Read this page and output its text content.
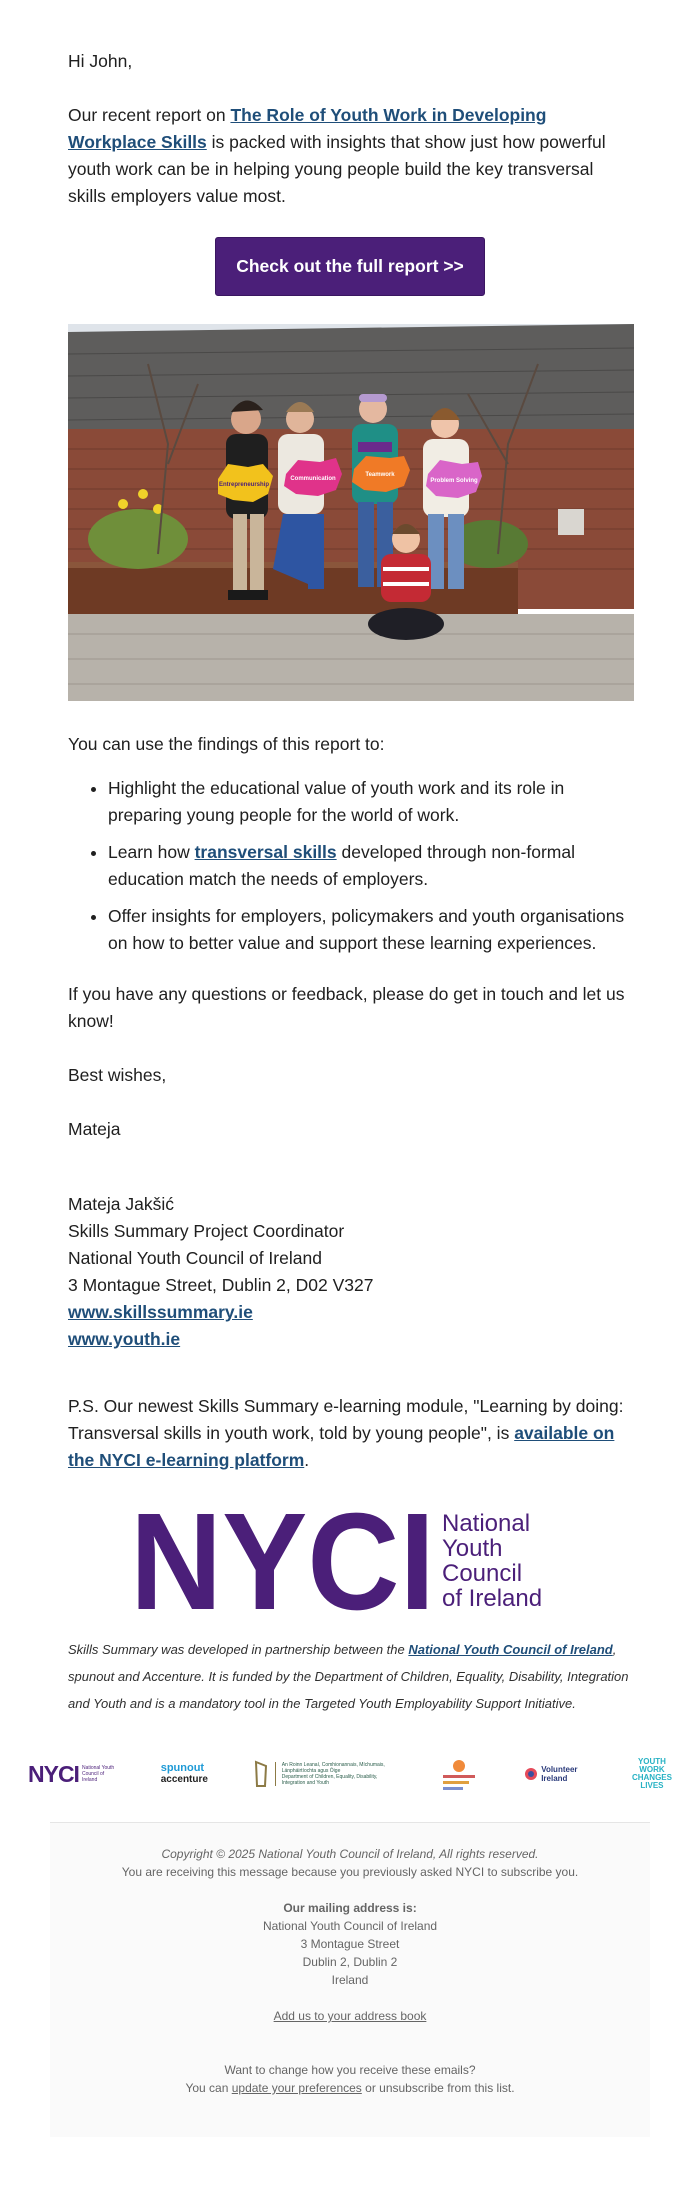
Hi John,

Our recent report on The Role of Youth Work in Developing Workplace Skills is packed with insights that show just how powerful youth work can be in helping young people build the key transversal skills employers value most.

Check out the full report >>
Entrepreneurship
Communication
Teamwork
Problem Solving

You can use the findings of this report to:

• Highlight the educational value of youth work and its role in preparing young people for the world of work.
• Learn how transversal skills developed through non-formal education match the needs of employers.
• Offer insights for employers, policymakers and youth organisations on how to better value and support these learning experiences.

If you have any questions or feedback, please do get in touch and let us know!

Best wishes,

Mateja

Mateja Jakšić

Skills Summary Project Coordinator

National Youth Council of Ireland

3 Montague Street, Dublin 2, D02 V327

www.skillssummary.ie

www.youth.ie

P.S. Our newest Skills Summary e-learning module, "Learning by doing: Transversal skills in youth work, told by young people", is available on the NYCI e-learning platform.

NYCI National
Youth
Council
of Ireland

Skills Summary was developed in partnership between the National Youth Council of Ireland, spunout and Accenture. It is funded by the Department of Children, Equality, Disability, Integration and Youth and is a mandatory tool in the Targeted Youth Employability Support Initiative.

NYCI National Youth Council of Ireland
spunout
accenture
An Roinn Leanaí, Comhionannais, Míchumais, Lánpháirtíochta agus Óige
Department of Children, Equality, Disability, Integration and Youth
Volunteer Ireland
YOUTH
WORK
CHANGES
LIVES
Copyright © 2025 National Youth Council of Ireland, All rights reserved.
You are receiving this message because you previously asked NYCI to subscribe you.
Our mailing address is:
National Youth Council of Ireland
3 Montague Street
Dublin 2, Dublin 2
Ireland
Add us to your address book
Want to change how you receive these emails?
You can update your preferences or unsubscribe from this list.
